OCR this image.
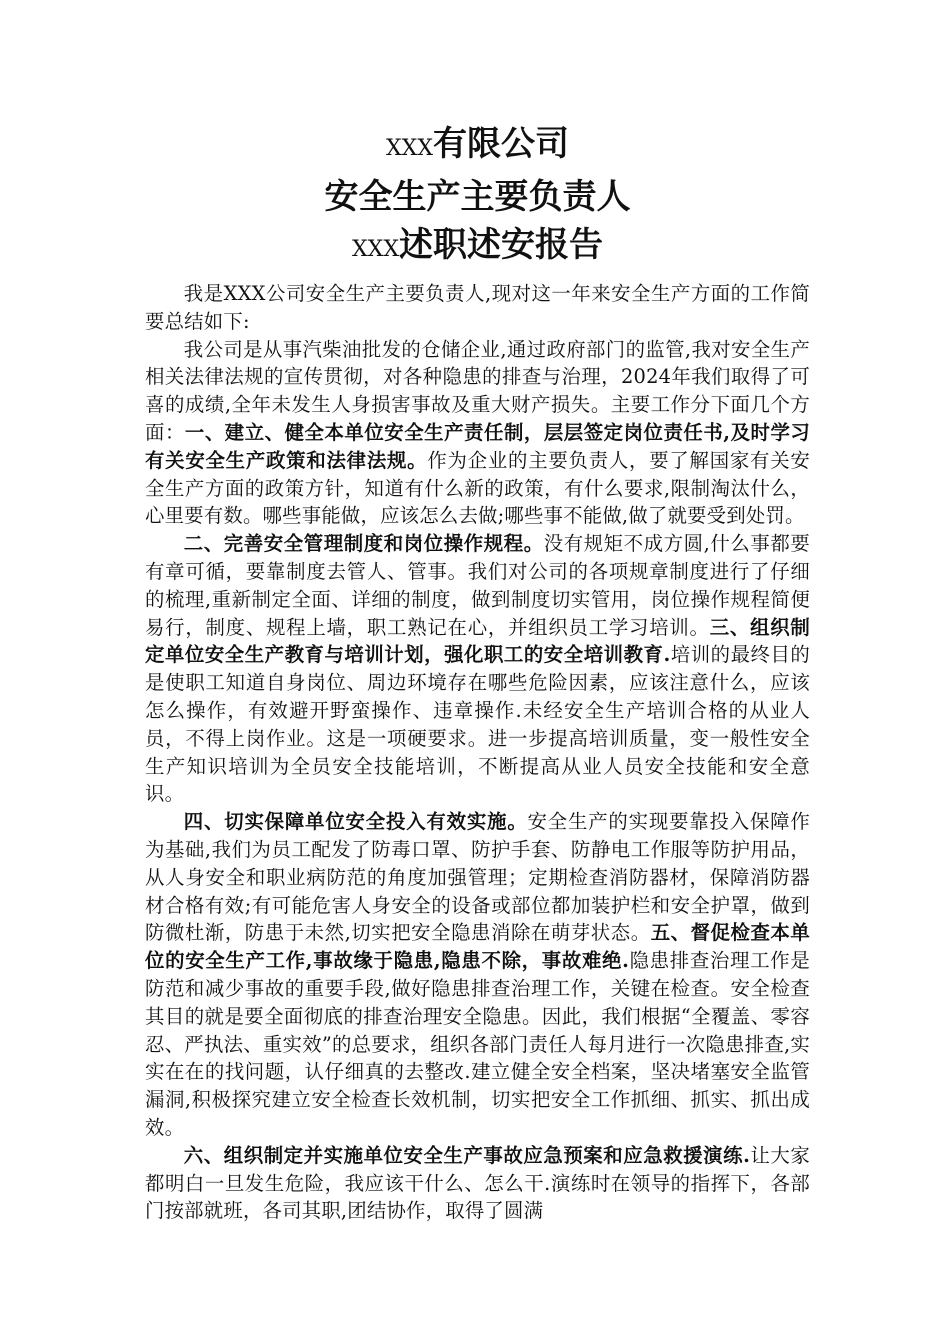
XXX有限公司
安全生产主要负责人
XXX述职述安报告

我是XXX公司安全生产主要负责人,现对这一年来安全生产方面的工作简要总结如下:

我公司是从事汽柴油批发的仓储企业,通过政府部门的监管,我对安全生产相关法律法规的宣传贯彻，对各种隐患的排查与治理，2024年我们取得了可喜的成绩,全年未发生人身损害事故及重大财产损失。主要工作分下面几个方面：一、建立、健全本单位安全生产责任制，层层签定岗位责任书,及时学习有关安全生产政策和法律法规。作为企业的主要负责人，要了解国家有关安全生产方面的政策方针，知道有什么新的政策，有什么要求,限制淘汰什么，心里要有数。哪些事能做，应该怎么去做;哪些事不能做,做了就要受到处罚。

二、完善安全管理制度和岗位操作规程。没有规矩不成方圆,什么事都要有章可循，要靠制度去管人、管事。我们对公司的各项规章制度进行了仔细的梳理,重新制定全面、详细的制度，做到制度切实管用，岗位操作规程简便易行，制度、规程上墙，职工熟记在心，并组织员工学习培训。三、组织制定单位安全生产教育与培训计划，强化职工的安全培训教育.培训的最终目的是使职工知道自身岗位、周边环境存在哪些危险因素，应该注意什么，应该怎么操作，有效避开野蛮操作、违章操作.未经安全生产培训合格的从业人员，不得上岗作业。这是一项硬要求。进一步提高培训质量，变一般性安全生产知识培训为全员安全技能培训，不断提高从业人员安全技能和安全意识。

四、切实保障单位安全投入有效实施。安全生产的实现要靠投入保障作为基础,我们为员工配发了防毒口罩、防护手套、防静电工作服等防护用品，从人身安全和职业病防范的角度加强管理；定期检查消防器材，保障消防器材合格有效;有可能危害人身安全的设备或部位都加装护栏和安全护罩，做到防微杜渐，防患于未然,切实把安全隐患消除在萌芽状态。五、督促检查本单位的安全生产工作,事故缘于隐患,隐患不除，事故难绝.隐患排查治理工作是防范和减少事故的重要手段,做好隐患排查治理工作，关键在检查。安全检查其目的就是要全面彻底的排查治理安全隐患。因此，我们根据“全覆盖、零容忍、严执法、重实效”的总要求，组织各部门责任人每月进行一次隐患排查,实实在在的找问题，认仔细真的去整改.建立健全安全档案，坚决堵塞安全监管漏洞,积极探究建立安全检查长效机制，切实把安全工作抓细、抓实、抓出成效。

六、组织制定并实施单位安全生产事故应急预案和应急救援演练.让大家都明白一旦发生危险，我应该干什么、怎么干.演练时在领导的指挥下，各部门按部就班，各司其职,团结协作，取得了圆满
